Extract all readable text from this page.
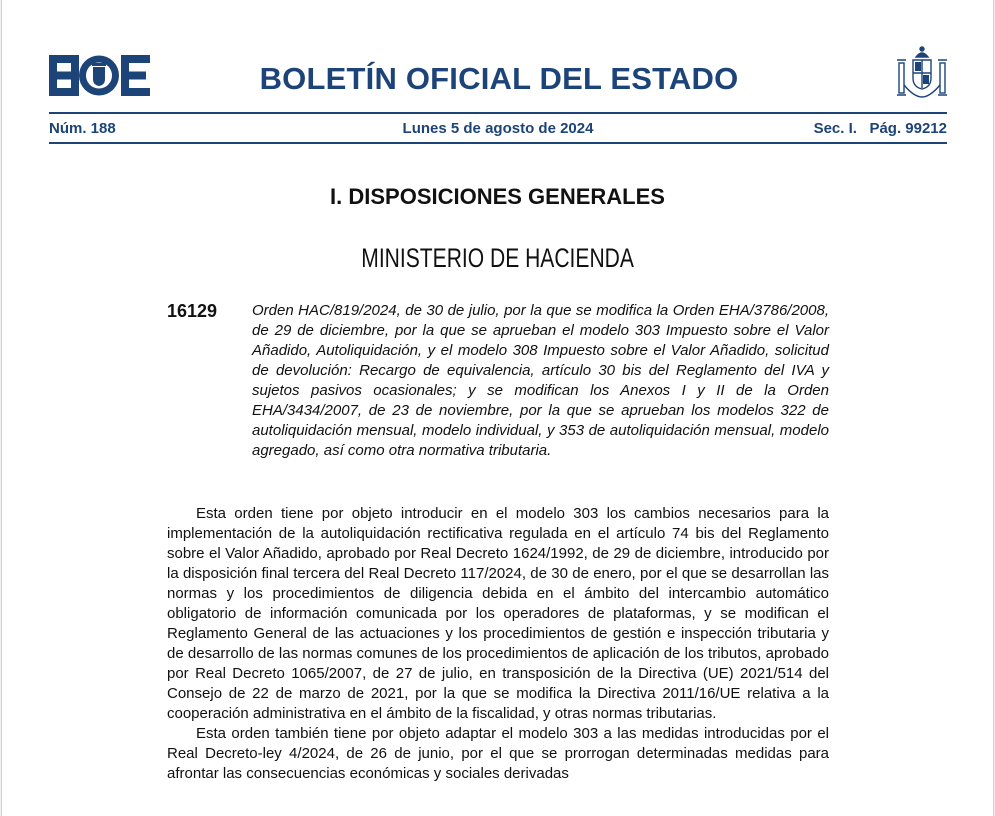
BOLETÍN OFICIAL DEL ESTADO
Lunes 5 de agosto de 2024
Núm. 188	Sec. I.   Pág. 99212
I. DISPOSICIONES GENERALES
MINISTERIO DE HACIENDA
16129 Orden HAC/819/2024, de 30 de julio, por la que se modifica la Orden EHA/3786/2008, de 29 de diciembre, por la que se aprueban el modelo 303 Impuesto sobre el Valor Añadido, Autoliquidación, y el modelo 308 Impuesto sobre el Valor Añadido, solicitud de devolución: Recargo de equivalencia, artículo 30 bis del Reglamento del IVA y sujetos pasivos ocasionales; y se modifican los Anexos I y II de la Orden EHA/3434/2007, de 23 de noviembre, por la que se aprueban los modelos 322 de autoliquidación mensual, modelo individual, y 353 de autoliquidación mensual, modelo agregado, así como otra normativa tributaria.

Esta orden tiene por objeto introducir en el modelo 303 los cambios necesarios para la implementación de la autoliquidación rectificativa regulada en el artículo 74 bis del Reglamento sobre el Valor Añadido, aprobado por Real Decreto 1624/1992, de 29 de diciembre, introducido por la disposición final tercera del Real Decreto 117/2024, de 30 de enero, por el que se desarrollan las normas y los procedimientos de diligencia debida en el ámbito del intercambio automático obligatorio de información comunicada por los operadores de plataformas, y se modifican el Reglamento General de las actuaciones y los procedimientos de gestión e inspección tributaria y de desarrollo de las normas comunes de los procedimientos de aplicación de los tributos, aprobado por Real Decreto 1065/2007, de 27 de julio, en transposición de la Directiva (UE) 2021/514 del Consejo de 22 de marzo de 2021, por la que se modifica la Directiva 2011/16/UE relativa a la cooperación administrativa en el ámbito de la fiscalidad, y otras normas tributarias.

Esta orden también tiene por objeto adaptar el modelo 303 a las medidas introducidas por el Real Decreto-ley 4/2024, de 26 de junio, por el que se prorrogan determinadas medidas para afrontar las consecuencias económicas y sociales derivadas
